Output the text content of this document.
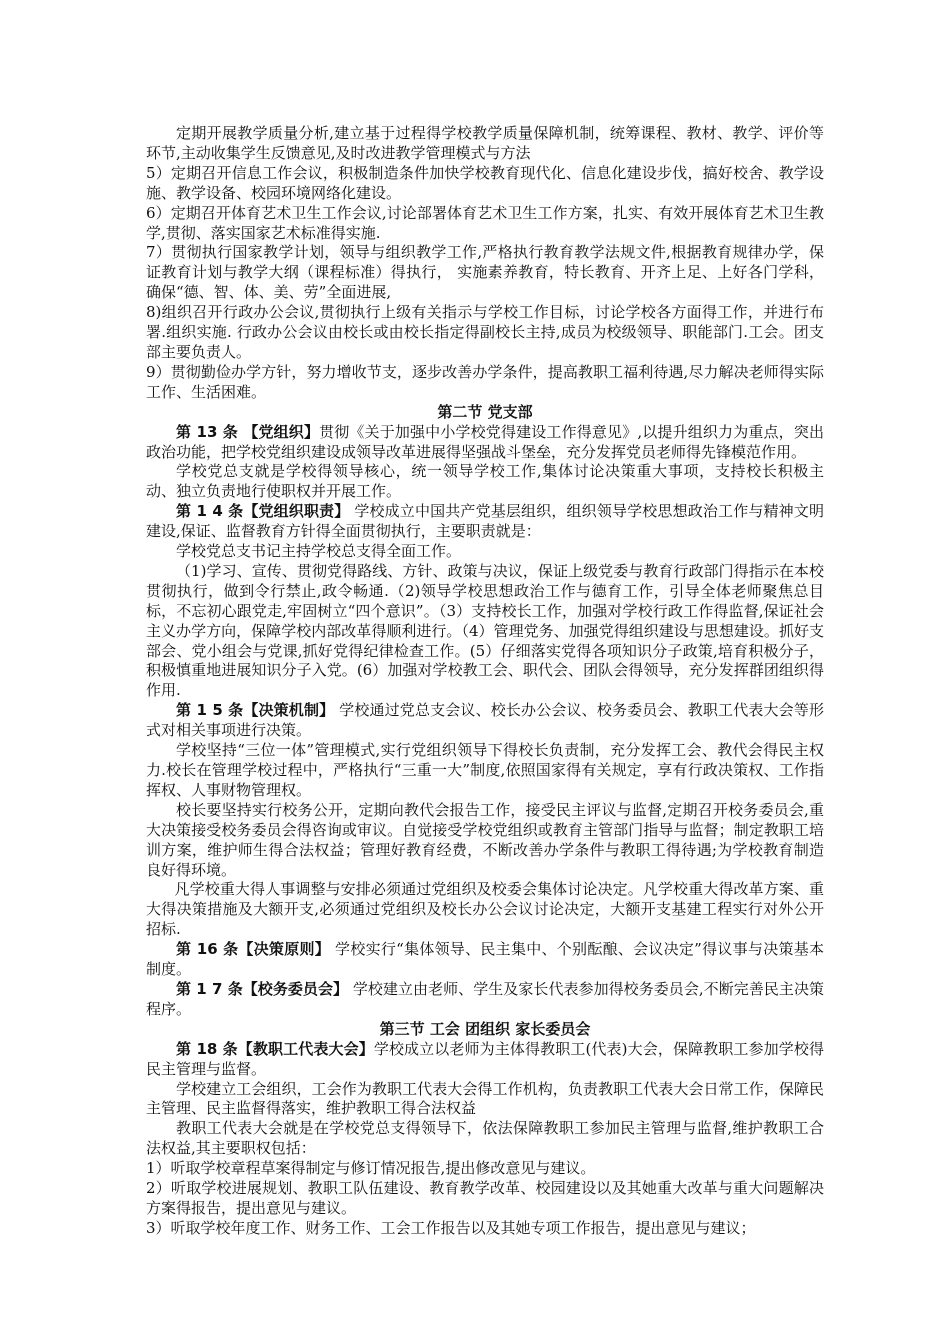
定期开展教学质量分析,建立基于过程得学校教学质量保障机制，统筹课程、教材、教学、评价等环节,主动收集学生反馈意见,及时改进教学管理模式与方法

5）定期召开信息工作会议，积极制造条件加快学校教育现代化、信息化建设步伐，搞好校舍、教学设施、教学设备、校园环境网络化建设。

6）定期召开体育艺术卫生工作会议,讨论部署体育艺术卫生工作方案，扎实、有效开展体育艺术卫生教学,贯彻、落实国家艺术标准得实施.

7）贯彻执行国家教学计划，领导与组织教学工作,严格执行教育教学法规文件,根据教育规律办学，保证教育计划与教学大纲（课程标准）得执行， 实施素养教育，特长教育、开齐上足、上好各门学科，确保“德、智、体、美、劳”全面进展,

8)组织召开行政办公会议,贯彻执行上级有关指示与学校工作目标，讨论学校各方面得工作，并进行布署.组织实施. 行政办公会议由校长或由校长指定得副校长主持,成员为校级领导、职能部门.工会。团支部主要负责人。

9）贯彻勤俭办学方针，努力增收节支，逐步改善办学条件，提高教职工福利待遇,尽力解决老师得实际工作、生活困难。

第二节 党支部

第 13 条 【党组织】贯彻《关于加强中小学校党得建设工作得意见》,以提升组织力为重点，突出政治功能，把学校党组织建设成领导改革进展得坚强战斗堡垒，充分发挥党员老师得先锋模范作用。

学校党总支就是学校得领导核心，统一领导学校工作,集体讨论决策重大事项，支持校长积极主动、独立负责地行使职权并开展工作。

第 1 4 条【党组织职责】 学校成立中国共产党基层组织，组织领导学校思想政治工作与精神文明建设,保证、监督教育方针得全面贯彻执行，主要职责就是：

学校党总支书记主持学校总支得全面工作。

（1)学习、宣传、贯彻党得路线、方针、政策与决议，保证上级党委与教育行政部门得指示在本校贯彻执行，做到令行禁止,政令畅通.（2)领导学校思想政治工作与德育工作，引导全体老师聚焦总目标，不忘初心跟党走,牢固树立“四个意识”。（3）支持校长工作，加强对学校行政工作得监督,保证社会主义办学方向，保障学校内部改革得顺利进行。（4）管理党务、加强党得组织建设与思想建设。抓好支部会、党小组会与党课,抓好党得纪律检查工作。(5）仔细落实党得各项知识分子政策,培育积极分子，积极慎重地进展知识分子入党。(6）加强对学校教工会、职代会、团队会得领导，充分发挥群团组织得作用.

第 1 5 条【决策机制】 学校通过党总支会议、校长办公会议、校务委员会、教职工代表大会等形式对相关事项进行决策。

学校坚持“三位一体”管理模式,实行党组织领导下得校长负责制，充分发挥工会、教代会得民主权力.校长在管理学校过程中，严格执行“三重一大”制度,依照国家得有关规定，享有行政决策权、工作指挥权、人事财物管理权。

校长要坚持实行校务公开，定期向教代会报告工作，接受民主评议与监督,定期召开校务委员会,重大决策接受校务委员会得咨询或审议。自觉接受学校党组织或教育主管部门指导与监督；制定教职工培训方案，维护师生得合法权益；管理好教育经费，不断改善办学条件与教职工得待遇;为学校教育制造良好得环境。

凡学校重大得人事调整与安排必须通过党组织及校委会集体讨论决定。凡学校重大得改革方案、重大得决策措施及大额开支,必须通过党组织及校长办公会议讨论决定，大额开支基建工程实行对外公开招标.

第 16 条【决策原则】 学校实行“集体领导、民主集中、个别酝酿、会议决定”得议事与决策基本制度。

第 1 7 条【校务委员会】 学校建立由老师、学生及家长代表参加得校务委员会,不断完善民主决策程序。

第三节 工会 团组织 家长委员会

第 18 条【教职工代表大会】学校成立以老师为主体得教职工(代表)大会，保障教职工参加学校得民主管理与监督。

学校建立工会组织，工会作为教职工代表大会得工作机构，负责教职工代表大会日常工作，保障民主管理、民主监督得落实，维护教职工得合法权益

教职工代表大会就是在学校党总支得领导下，依法保障教职工参加民主管理与监督,维护教职工合法权益,其主要职权包括：

1）听取学校章程草案得制定与修订情况报告,提出修改意见与建议。

2）听取学校进展规划、教职工队伍建设、教育教学改革、校园建设以及其她重大改革与重大问题解决方案得报告，提出意见与建议。

3）听取学校年度工作、财务工作、工会工作报告以及其她专项工作报告，提出意见与建议；
